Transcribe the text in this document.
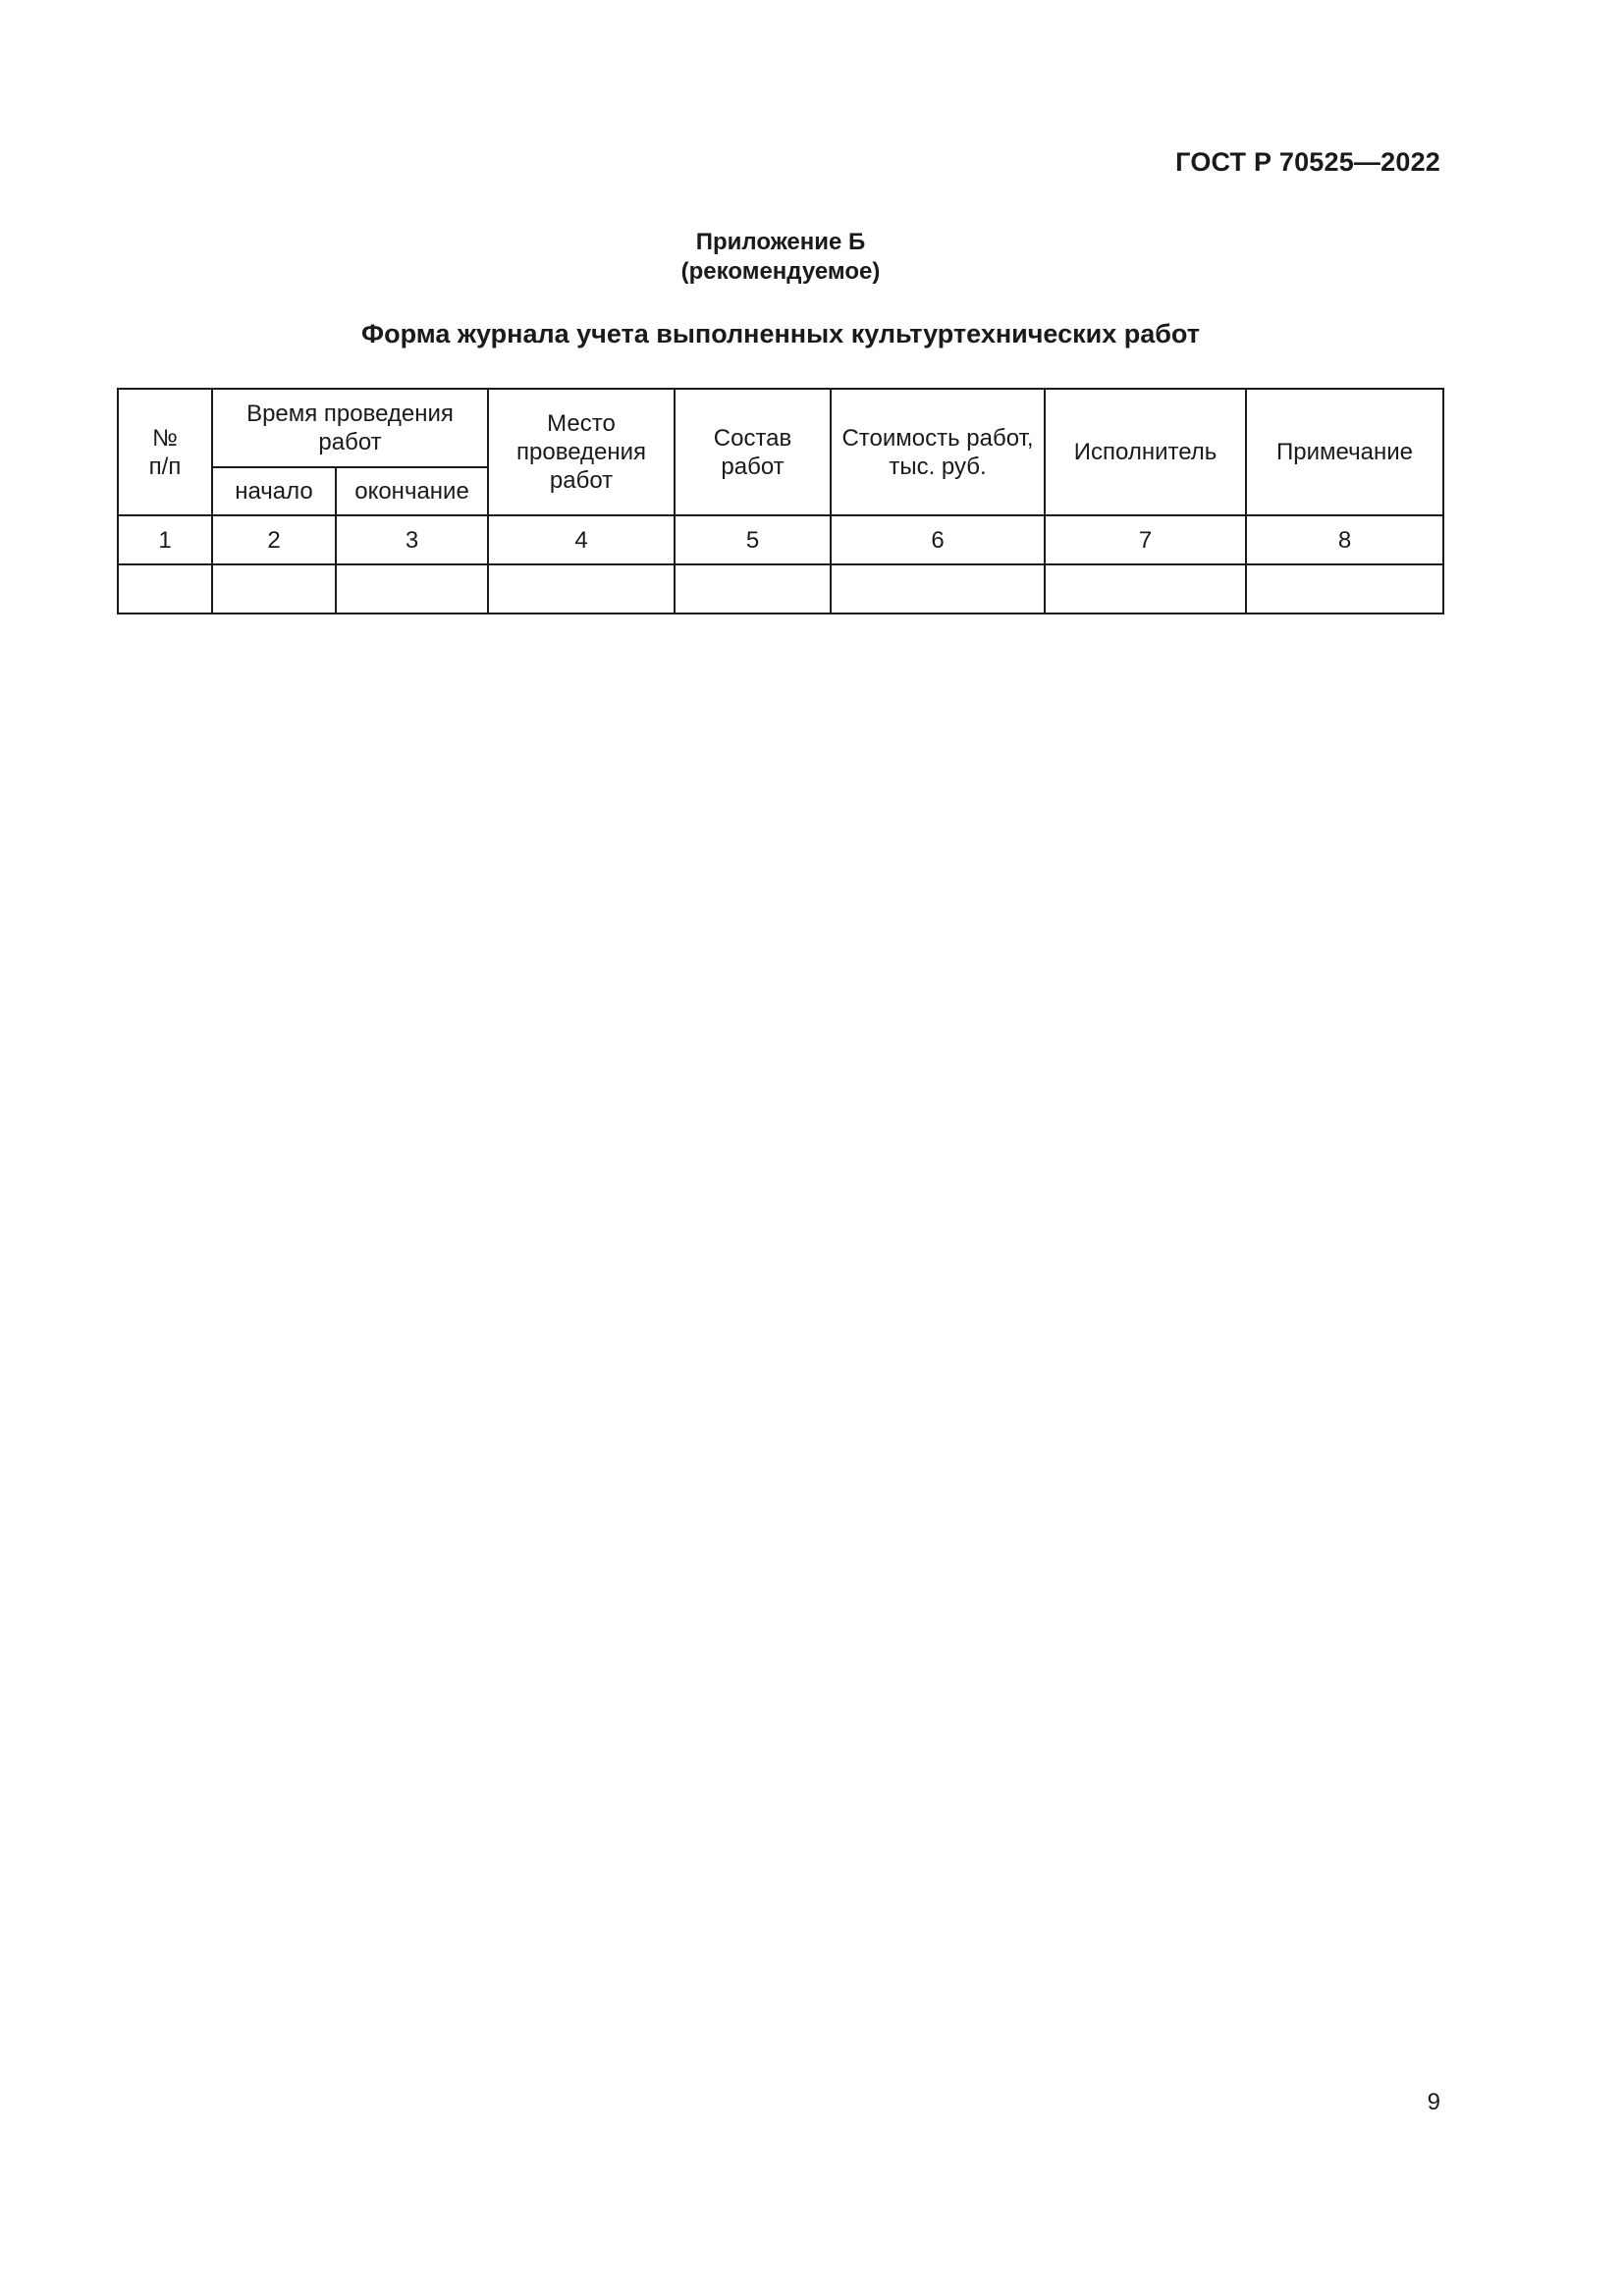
ГОСТ Р 70525—2022
Приложение Б
(рекомендуемое)
Форма журнала учета выполненных культуртехнических работ
№ п/п	Время проведения работ		Место проведения работ	Состав работ	Стоимость работ, тыс. руб.	Исполнитель	Примечание
	начало	окончание					
1	2	3	4	5	6	7	8

9
